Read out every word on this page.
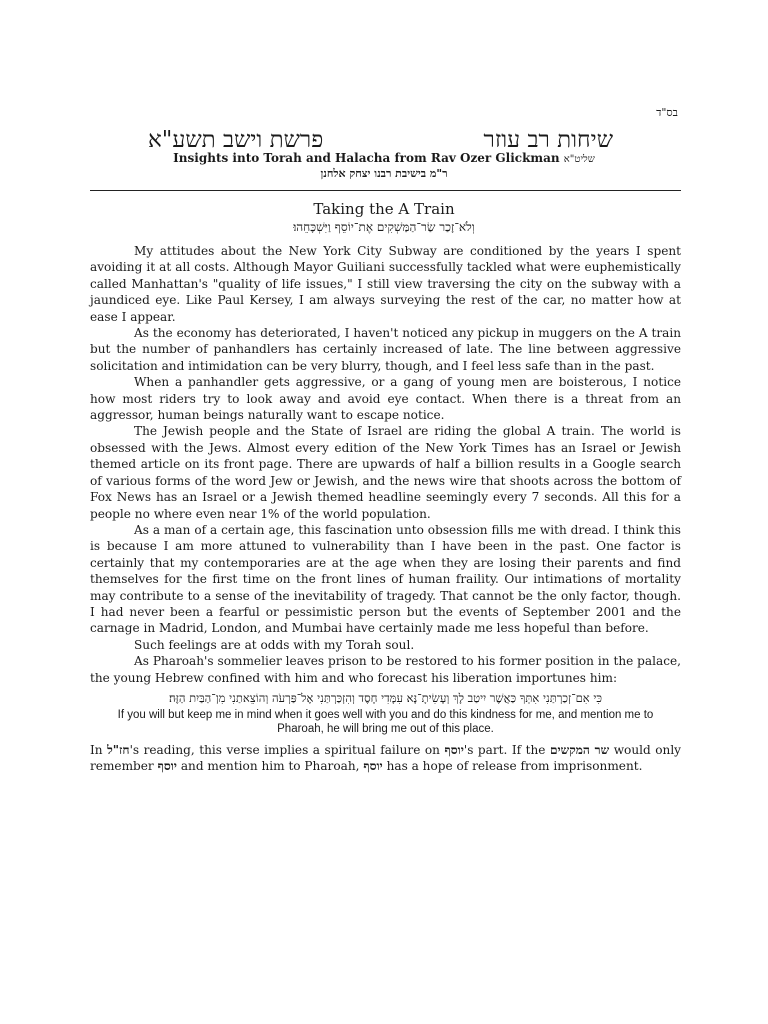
בס"ד
שיחות רב עוזר
פרשת וישב תשע"א
Insights into Torah and Halacha from Rav Ozer Glickman שליט"א
ר"מ בישיבת רבנו יצחק אלחנן
Taking the A Train
וְלֹא־זָכַר שַׂר־הַמַּשְׁקִים אֶת־יוֹסֵף וַיִּשְׁכָּחֵהוּ׃

My attitudes about the New York City Subway are conditioned by the years I spent avoiding it at all costs. Although Mayor Guiliani successfully tackled what were euphemistically called Manhattan's "quality of life issues," I still view traversing the city on the subway with a jaundiced eye. Like Paul Kersey, I am always surveying the rest of the car, no matter how at ease I appear.

As the economy has deteriorated, I haven't noticed any pickup in muggers on the A train but the number of panhandlers has certainly increased of late. The line between aggressive solicitation and intimidation can be very blurry, though, and I feel less safe than in the past.

When a panhandler gets aggressive, or a gang of young men are boisterous, I notice how most riders try to look away and avoid eye contact. When there is a threat from an aggressor, human beings naturally want to escape notice.

The Jewish people and the State of Israel are riding the global A train. The world is obsessed with the Jews. Almost every edition of the New York Times has an Israel or Jewish themed article on its front page. There are upwards of half a billion results in a Google search of various forms of the word Jew or Jewish, and the news wire that shoots across the bottom of Fox News has an Israel or a Jewish themed headline seemingly every 7 seconds. All this for a people no where even near 1% of the world population.

As a man of a certain age, this fascination unto obsession fills me with dread. I think this is because I am more attuned to vulnerability than I have been in the past. One factor is certainly that my contemporaries are at the age when they are losing their parents and find themselves for the first time on the front lines of human fraility. Our intimations of mortality may contribute to a sense of the inevitability of tragedy. That cannot be the only factor, though. I had never been a fearful or pessimistic person but the events of September 2001 and the carnage in Madrid, London, and Mumbai have certainly made me less hopeful than before.

Such feelings are at odds with my Torah soul.

As Pharoah's sommelier leaves prison to be restored to his former position in the palace, the young Hebrew confined with him and who forecast his liberation importunes him:

כִּי אִם־זְכַרְתַּנִי אִתְּךָ כַּאֲשֶׁר יִיטַב לָךְ וְעָשִׂיתָ־נָּא עִמָּדִי חָסֶד וְהִזְכַּרְתַּנִי אֶל־פַּרְעֹה וְהוֹצֵאתַנִי מִן־הַבַּיִת הַזֶּה׃
If you will but keep me in mind when it goes well with you and do this kindness for me, and mention me to Pharoah, he will bring me out of this place.

In חז"ל's reading, this verse implies a spiritual failure on יוסף's part. If the שר המקשים would only remember יוסף and mention him to Pharoah, יוסף has a hope of release from imprisonment.
